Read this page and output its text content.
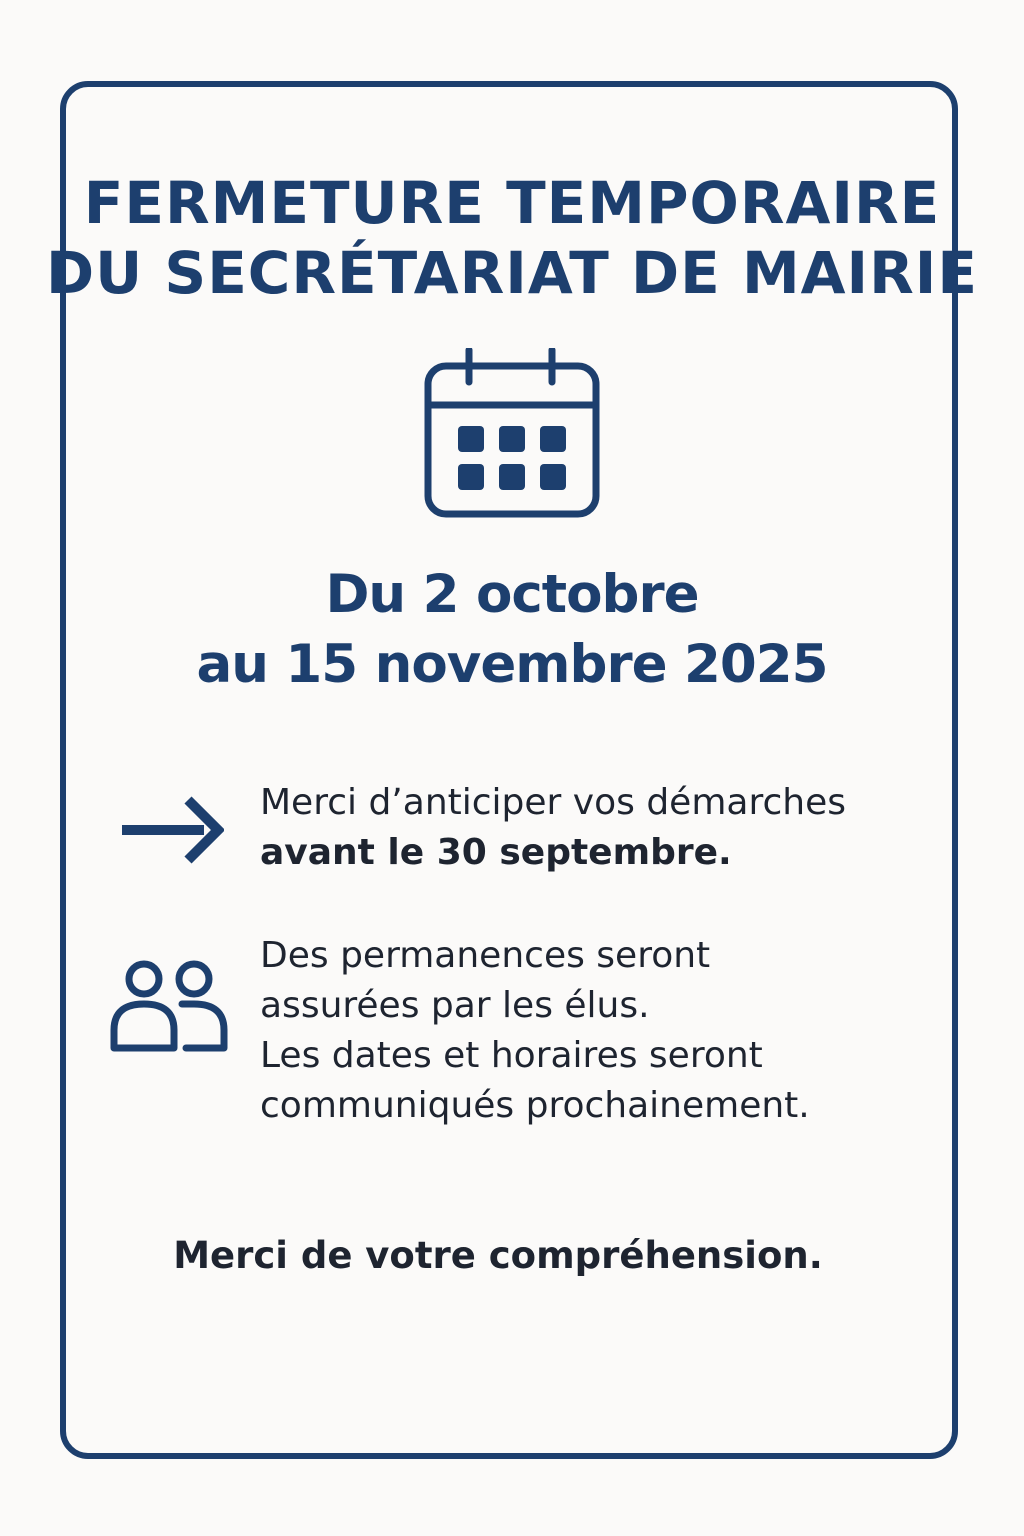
FERMETURE TEMPORAIRE
DU SECRÉTARIAT DE MAIRIE
Du 2 octobre
au 15 novembre 2025
Merci d’anticiper vos démarches
avant le 30 septembre.
Des permanences seront
assurées par les élus.
Les dates et horaires seront
communiqués prochainement.
Merci de votre compréhension.
